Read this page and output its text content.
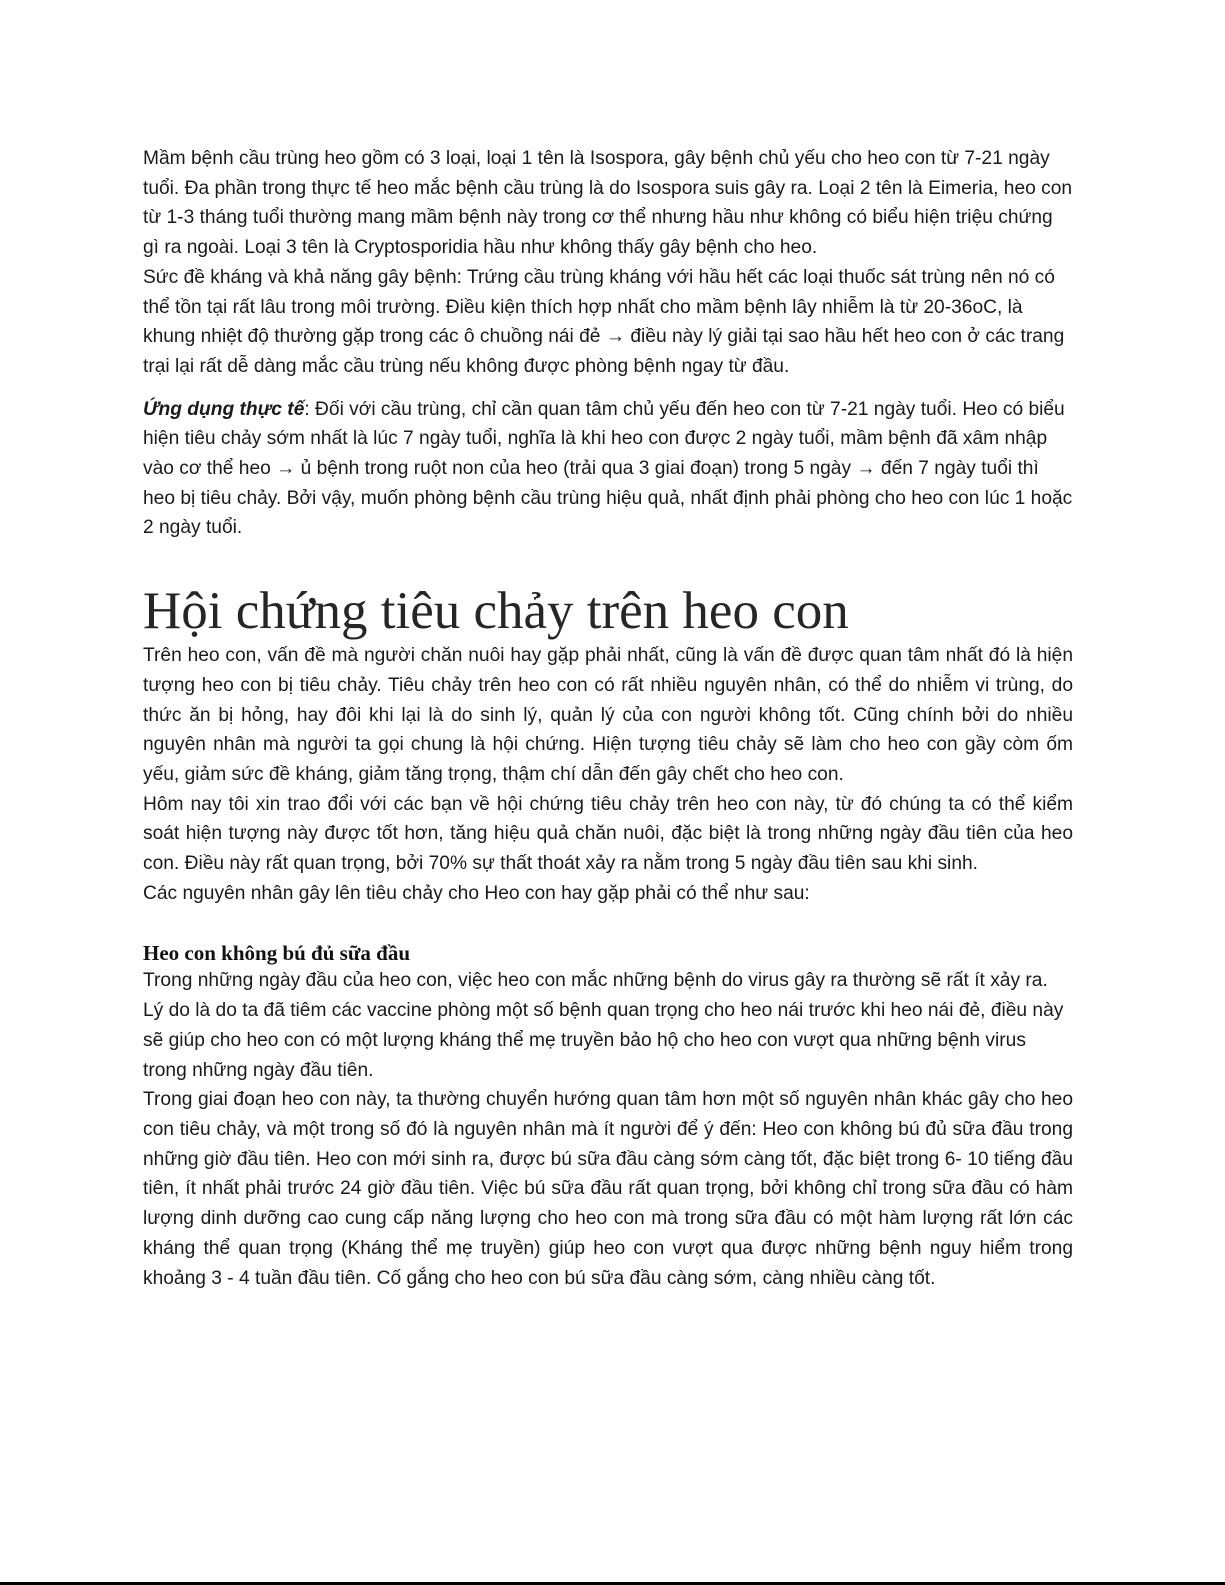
Mầm bệnh cầu trùng heo gồm có 3 loại, loại 1 tên là Isospora, gây bệnh chủ yếu cho heo con từ 7-21 ngày tuổi. Đa phần trong thực tế heo mắc bệnh cầu trùng là do Isospora suis gây ra. Loại 2 tên là Eimeria, heo con từ 1-3 tháng tuổi thường mang mầm bệnh này trong cơ thể nhưng hầu như không có biểu hiện triệu chứng gì ra ngoài. Loại 3 tên là Cryptosporidia hầu như không thấy gây bệnh cho heo.

Sức đề kháng và khả năng gây bệnh: Trứng cầu trùng kháng với hầu hết các loại thuốc sát trùng nên nó có thể tồn tại rất lâu trong môi trường. Điều kiện thích hợp nhất cho mầm bệnh lây nhiễm là từ 20-36oC, là khung nhiệt độ thường gặp trong các ô chuồng nái đẻ → điều này lý giải tại sao hầu hết heo con ở các trang trại lại rất dễ dàng mắc cầu trùng nếu không được phòng bệnh ngay từ đầu.

Ứng dụng thực tế: Đối với cầu trùng, chỉ cần quan tâm chủ yếu đến heo con từ 7-21 ngày tuổi. Heo có biểu hiện tiêu chảy sớm nhất là lúc 7 ngày tuổi, nghĩa là khi heo con được 2 ngày tuổi, mầm bệnh đã xâm nhập vào cơ thể heo → ủ bệnh trong ruột non của heo (trải qua 3 giai đoạn) trong 5 ngày → đến 7 ngày tuổi thì heo bị tiêu chảy. Bởi vậy, muốn phòng bệnh cầu trùng hiệu quả, nhất định phải phòng cho heo con lúc 1 hoặc 2 ngày tuổi.

Hội chứng tiêu chảy trên heo con

Trên heo con, vấn đề mà người chăn nuôi hay gặp phải nhất, cũng là vấn đề được quan tâm nhất đó là hiện tượng heo con bị tiêu chảy. Tiêu chảy trên heo con có rất nhiều nguyên nhân, có thể do nhiễm vi trùng, do thức ăn bị hỏng, hay đôi khi lại là do sinh lý, quản lý của con người không tốt. Cũng chính bởi do nhiều nguyên nhân mà người ta gọi chung là hội chứng. Hiện tượng tiêu chảy sẽ làm cho heo con gầy còm ốm yếu, giảm sức đề kháng, giảm tăng trọng, thậm chí dẫn đến gây chết cho heo con.

Hôm nay tôi xin trao đổi với các bạn về hội chứng tiêu chảy trên heo con này, từ đó chúng ta có thể kiểm soát hiện tượng này được tốt hơn, tăng hiệu quả chăn nuôi, đặc biệt là trong những ngày đầu tiên của heo con. Điều này rất quan trọng, bởi 70% sự thất thoát xảy ra nằm trong 5 ngày đầu tiên sau khi sinh.

Các nguyên nhân gây lên tiêu chảy cho Heo con hay gặp phải có thể như sau:

Heo con không bú đủ sữa đầu

Trong những ngày đầu của heo con, việc heo con mắc những bệnh do virus gây ra thường sẽ rất ít xảy ra. Lý do là do ta đã tiêm các vaccine phòng một số bệnh quan trọng cho heo nái trước khi heo nái đẻ, điều này sẽ giúp cho heo con có một lượng kháng thể mẹ truyền bảo hộ cho heo con vượt qua những bệnh virus trong những ngày đầu tiên.

Trong giai đoạn heo con này, ta thường chuyển hướng quan tâm hơn một số nguyên nhân khác gây cho heo con tiêu chảy, và một trong số đó là nguyên nhân mà ít người để ý đến: Heo con không bú đủ sữa đầu trong những giờ đầu tiên. Heo con mới sinh ra, được bú sữa đầu càng sớm càng tốt, đặc biệt trong 6- 10 tiếng đầu tiên, ít nhất phải trước 24 giờ đầu tiên. Việc bú sữa đầu rất quan trọng, bởi không chỉ trong sữa đầu có hàm lượng dinh dưỡng cao cung cấp năng lượng cho heo con mà trong sữa đầu có một hàm lượng rất lớn các kháng thể quan trọng (Kháng thể mẹ truyền) giúp heo con vượt qua được những bệnh nguy hiểm trong khoảng 3 - 4 tuần đầu tiên. Cố gắng cho heo con bú sữa đầu càng sớm, càng nhiều càng tốt.
